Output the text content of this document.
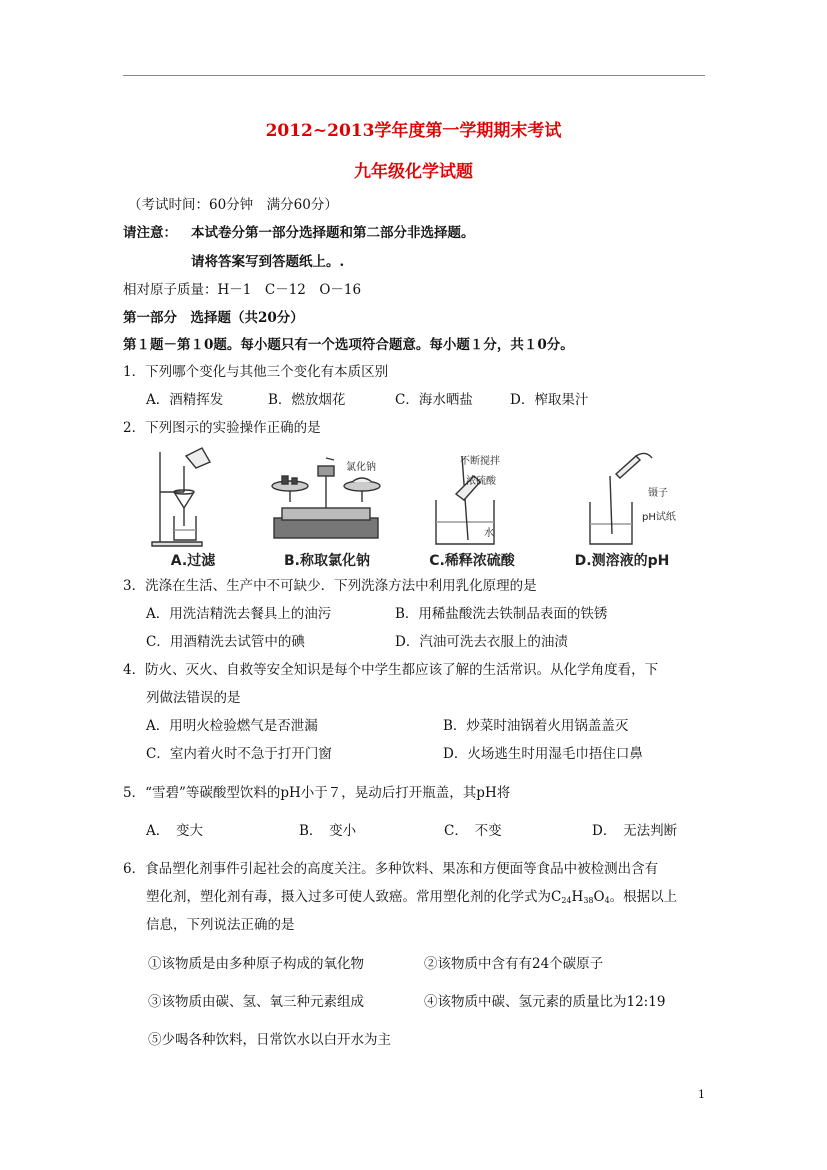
2012~2013学年度第一学期期末考试
九年级化学试题
（考试时间：60分钟　满分60分）
请注意： 本试卷分第一部分选择题和第二部分非选择题。
请将答案写到答题纸上。.
相对原子质量：H－1　C－12　O－16
第一部分　选择题（共20分）
第１题－第１0题。每小题只有一个选项符合题意。每小题１分，共１0分。
1．下列哪个变化与其他三个变化有本质区别
A．酒精挥发	B．燃放烟花	C．海水晒盐	D．榨取果汁
2．下列图示的实验操作正确的是
A.过滤
氯化钠
B.称取氯化钠
不断搅拌
浓硫酸
水
C.稀释浓硫酸
镊子
pH试纸
D.测溶液的pH
3．洗涤在生活、生产中不可缺少．下列洗涤方法中利用乳化原理的是
A．用洗洁精洗去餐具上的油污	B．用稀盐酸洗去铁制品表面的铁锈
C．用酒精洗去试管中的碘	D．汽油可洗去衣服上的油渍
4．防火、灭火、自救等安全知识是每个中学生都应该了解的生活常识。从化学角度看，下
列做法错误的是
A．用明火检验燃气是否泄漏	B．炒菜时油锅着火用锅盖盖灭
C．室内着火时不急于打开门窗	D．火场逃生时用湿毛巾捂住口鼻
5．“雪碧”等碳酸型饮料的pH小于７，晃动后打开瓶盖，其pH将
A．　变大	B．　变小	C．　不变	D．　无法判断
6．食品塑化剂事件引起社会的高度关注。多种饮料、果冻和方便面等食品中被检测出含有
塑化剂，塑化剂有毒，摄入过多可使人致癌。常用塑化剂的化学式为$C_{24}H_{38}O_4$。根据以上
信息，下列说法正确的是
①该物质是由多种原子构成的氧化物	②该物质中含有有24个碳原子
③该物质由碳、氢、氧三种元素组成	④该物质中碳、氢元素的质量比为12:19
⑤少喝各种饮料，日常饮水以白开水为主
1
